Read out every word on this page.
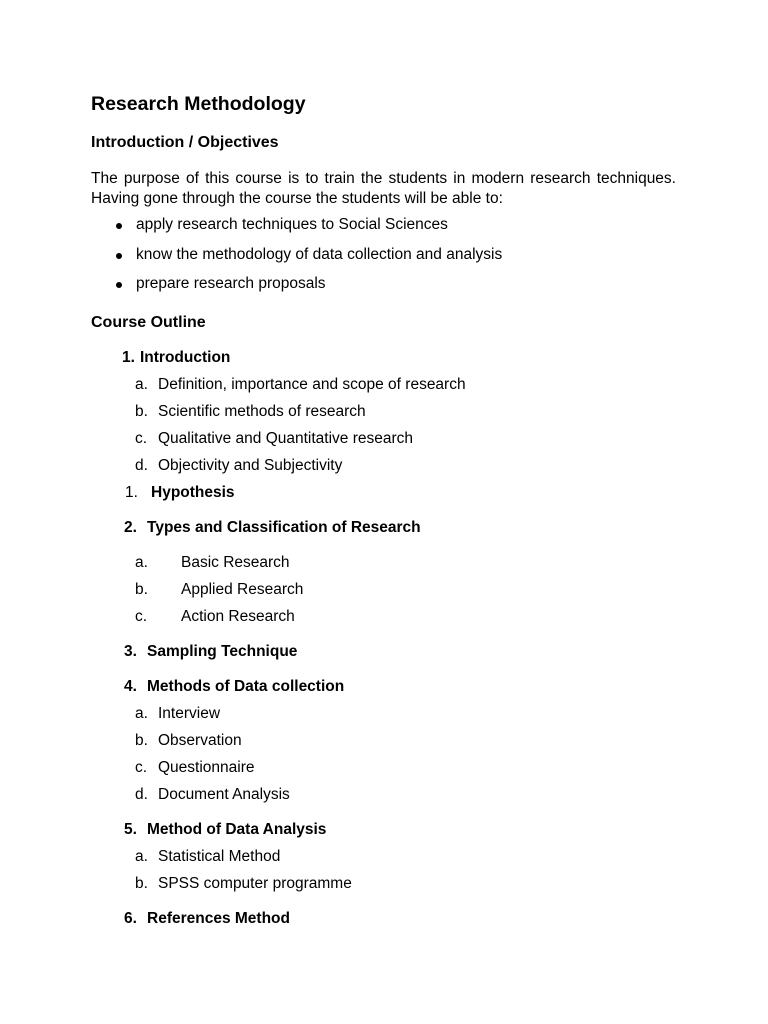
Research Methodology
Introduction / Objectives
The purpose of this course is to train the students in modern research techniques. Having gone through the course the students will be able to:
apply research techniques to Social Sciences
know the methodology of data collection and analysis
prepare research proposals
Course Outline
1. Introduction
a. Definition, importance and scope of research
b. Scientific methods of research
c. Qualitative and Quantitative research
d. Objectivity and Subjectivity
1. Hypothesis
2. Types and Classification of Research
a. Basic Research
b. Applied Research
c. Action Research
3. Sampling Technique
4. Methods of Data collection
a. Interview
b. Observation
c. Questionnaire
d. Document Analysis
5. Method of Data Analysis
a. Statistical Method
b. SPSS computer programme
6. References Method
